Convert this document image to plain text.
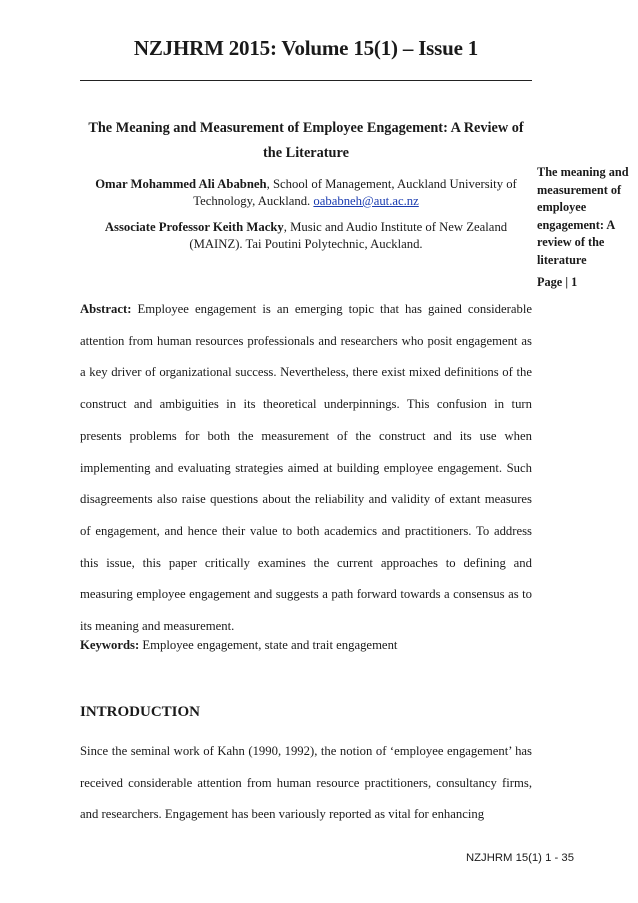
NZJHRM 2015: Volume 15(1) – Issue 1
The Meaning and Measurement of Employee Engagement: A Review of the Literature
Omar Mohammed Ali Ababneh, School of Management, Auckland University of Technology, Auckland. oababneh@aut.ac.nz
Associate Professor Keith Macky, Music and Audio Institute of New Zealand (MAINZ). Tai Poutini Polytechnic, Auckland.
The meaning and measurement of employee engagement: A review of the literature
Page | 1
Abstract: Employee engagement is an emerging topic that has gained considerable attention from human resources professionals and researchers who posit engagement as a key driver of organizational success. Nevertheless, there exist mixed definitions of the construct and ambiguities in its theoretical underpinnings. This confusion in turn presents problems for both the measurement of the construct and its use when implementing and evaluating strategies aimed at building employee engagement. Such disagreements also raise questions about the reliability and validity of extant measures of engagement, and hence their value to both academics and practitioners. To address this issue, this paper critically examines the current approaches to defining and measuring employee engagement and suggests a path forward towards a consensus as to its meaning and measurement.
Keywords: Employee engagement, state and trait engagement
INTRODUCTION
Since the seminal work of Kahn (1990, 1992), the notion of ‘employee engagement’ has received considerable attention from human resource practitioners, consultancy firms, and researchers. Engagement has been variously reported as vital for enhancing
NZJHRM 15(1) 1 - 35
